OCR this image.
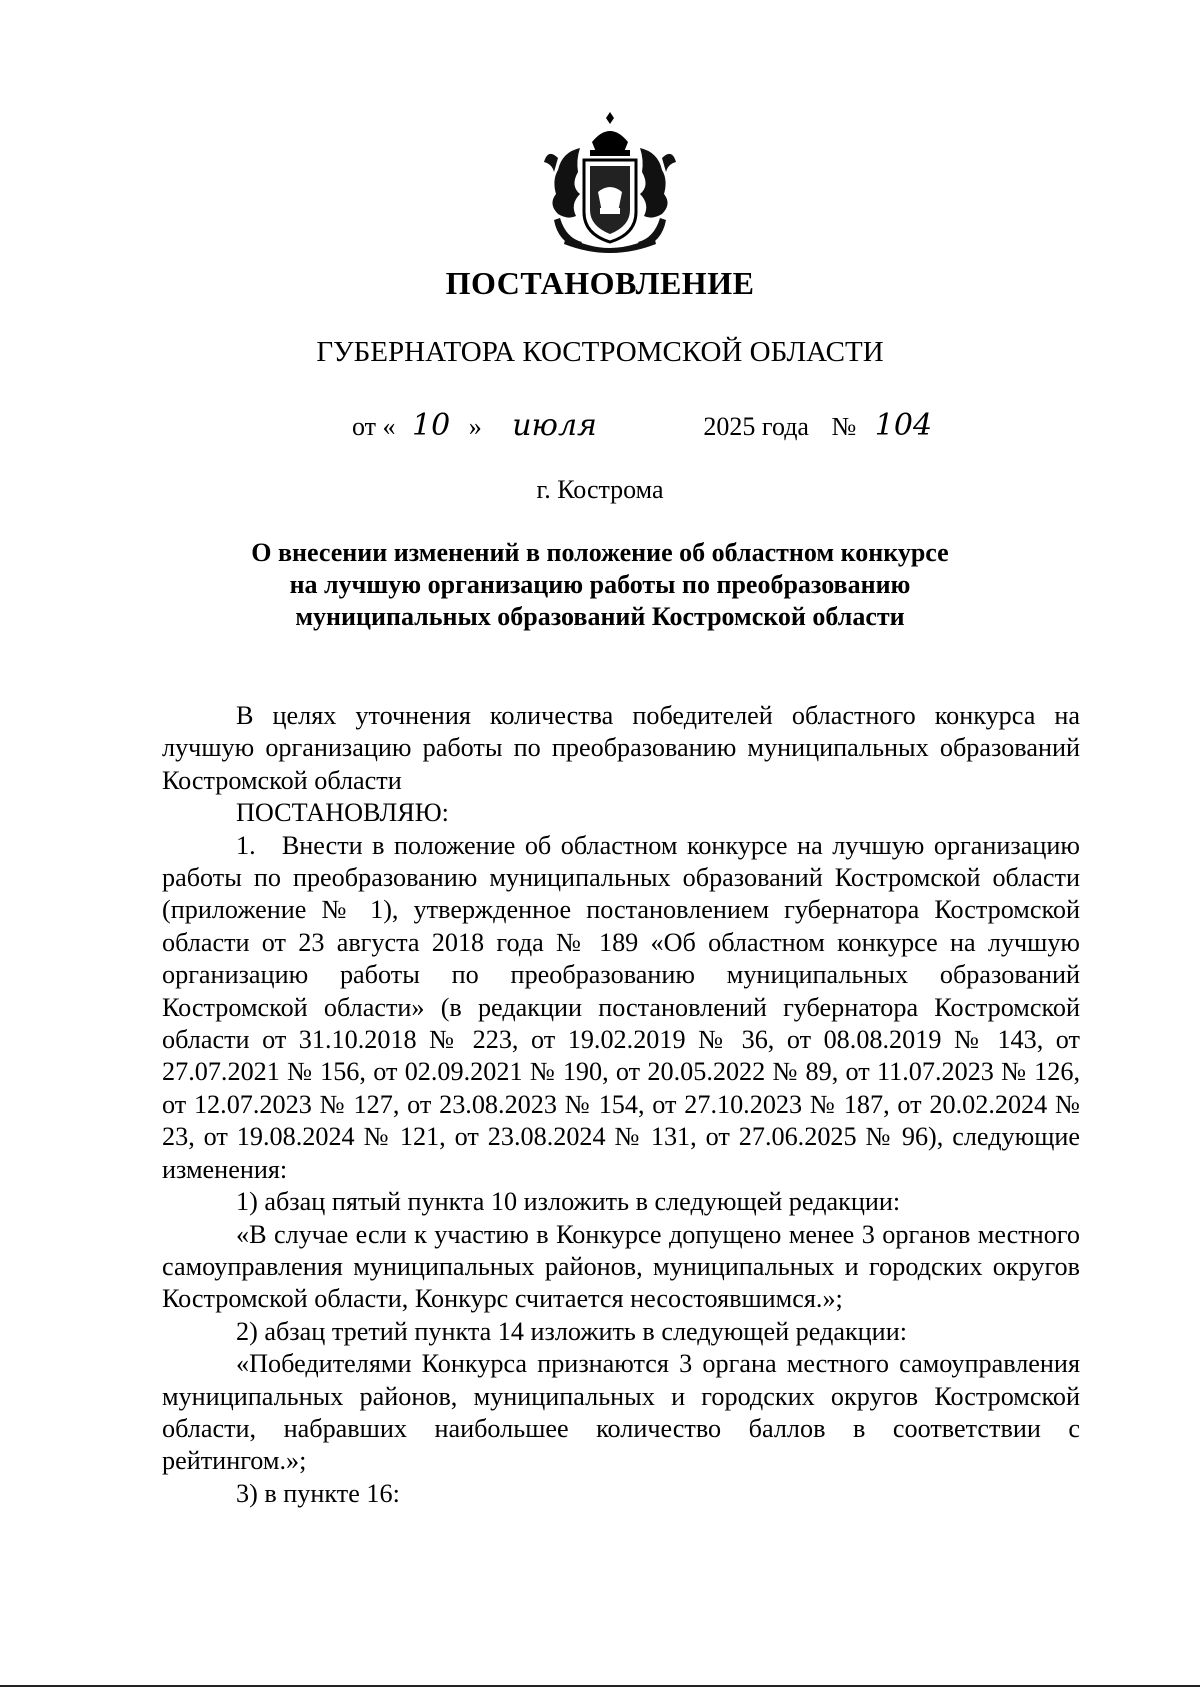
ПОСТАНОВЛЕНИЕ
ГУБЕРНАТОРА КОСТРОМСКОЙ ОБЛАСТИ
от « 10 » июля	2025 года № 104
г. Кострома
О внесении изменений в положение об областном конкурсе
на лучшую организацию работы по преобразованию
муниципальных образований Костромской области

В целях уточнения количества победителей областного конкурса на лучшую организацию работы по преобразованию муниципальных образований Костромской области

ПОСТАНОВЛЯЮ:

1. Внести в положение об областном конкурсе на лучшую организацию работы по преобразованию муниципальных образований Костромской области (приложение № 1), утвержденное постановлением губернатора Костромской области от 23 августа 2018 года № 189 «Об областном конкурсе на лучшую организацию работы по преобразованию муниципальных образований Костромской области» (в редакции постановлений губернатора Костромской области от 31.10.2018 № 223, от 19.02.2019 № 36, от 08.08.2019 № 143, от 27.07.2021 № 156, от 02.09.2021 № 190, от 20.05.2022 № 89, от 11.07.2023 № 126, от 12.07.2023 № 127, от 23.08.2023 № 154, от 27.10.2023 № 187, от 20.02.2024 № 23, от 19.08.2024 № 121, от 23.08.2024 № 131, от 27.06.2025 № 96), следующие изменения:

1) абзац пятый пункта 10 изложить в следующей редакции:

«В случае если к участию в Конкурсе допущено менее 3 органов местного самоуправления муниципальных районов, муниципальных и городских округов Костромской области, Конкурс считается несостоявшимся.»;

2) абзац третий пункта 14 изложить в следующей редакции:

«Победителями Конкурса признаются 3 органа местного самоуправления муниципальных районов, муниципальных и городских округов Костромской области, набравших наибольшее количество баллов в соответствии с рейтингом.»;

3) в пункте 16:
